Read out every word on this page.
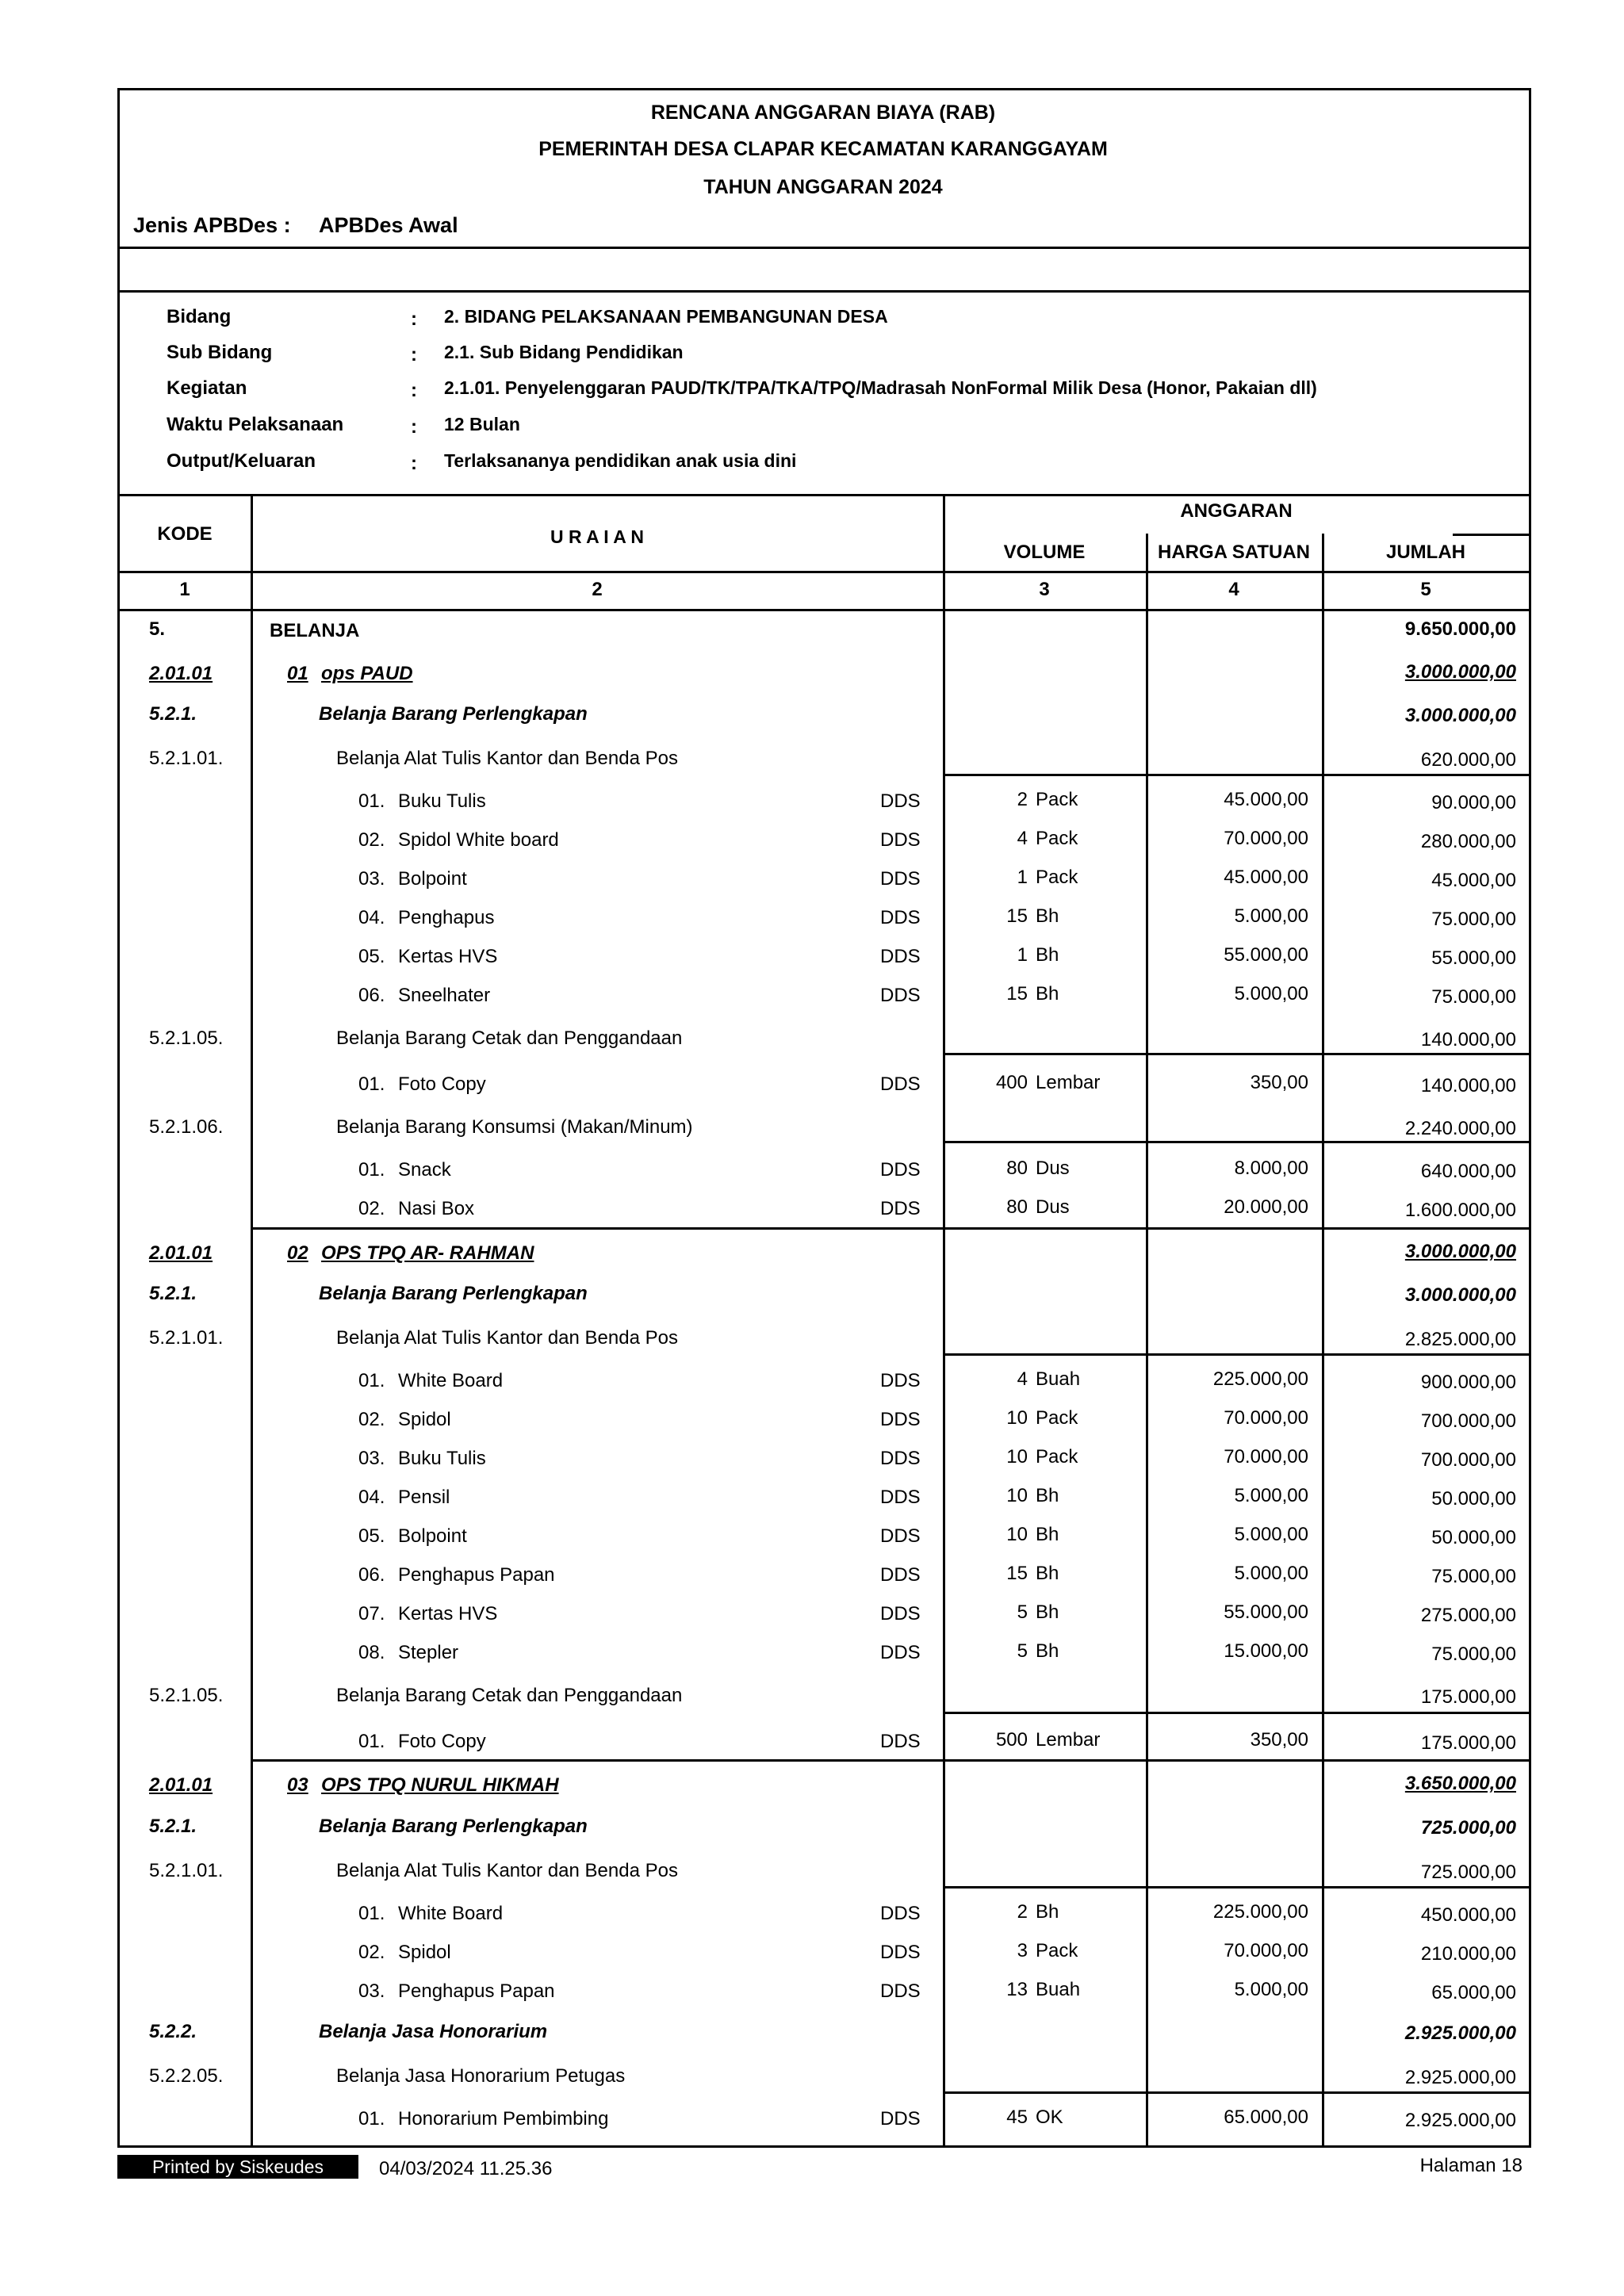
RENCANA ANGGARAN BIAYA (RAB)
PEMERINTAH DESA CLAPAR KECAMATAN KARANGGAYAM
TAHUN ANGGARAN 2024
Jenis APBDes : APBDes Awal
Bidang	: 2. BIDANG PELAKSANAAN PEMBANGUNAN DESA
Sub Bidang	: 2.1. Sub Bidang Pendidikan
Kegiatan	: 2.1.01. Penyelenggaran PAUD/TK/TPA/TKA/TPQ/Madrasah NonFormal Milik Desa (Honor, Pakaian dll)
Waktu Pelaksanaan	: 12 Bulan
Output/Keluaran	: Terlaksananya pendidikan anak usia dini
KODE	U R A I A N
ANGGARAN
VOLUME	HARGA SATUAN	JUMLAH
1	2	3	4	5
5.	BELANJA	9.650.000,00
2.01.01	01 ops PAUD	3.000.000,00
5.2.1.	Belanja Barang Perlengkapan	3.000.000,00
5.2.1.01.	Belanja Alat Tulis Kantor dan Benda Pos	620.000,00
01. Buku Tulis	DDS	2 Pack	45.000,00	90.000,00
02. Spidol White board	DDS	4 Pack	70.000,00	280.000,00
03. Bolpoint	DDS	1 Pack	45.000,00	45.000,00
04. Penghapus	DDS	15 Bh	5.000,00	75.000,00
05. Kertas HVS	DDS	1 Bh	55.000,00	55.000,00
06. Sneelhater	DDS	15 Bh	5.000,00	75.000,00
5.2.1.05.	Belanja Barang Cetak dan Penggandaan	140.000,00
01. Foto Copy	DDS	400 Lembar	350,00	140.000,00
5.2.1.06.	Belanja Barang Konsumsi (Makan/Minum)	2.240.000,00
01. Snack	DDS	80 Dus	8.000,00	640.000,00
02. Nasi Box	DDS	80 Dus	20.000,00	1.600.000,00
2.01.01	02 OPS TPQ AR- RAHMAN	3.000.000,00
5.2.1.	Belanja Barang Perlengkapan	3.000.000,00
5.2.1.01.	Belanja Alat Tulis Kantor dan Benda Pos	2.825.000,00
01. White Board	DDS	4 Buah	225.000,00	900.000,00
02. Spidol	DDS	10 Pack	70.000,00	700.000,00
03. Buku Tulis	DDS	10 Pack	70.000,00	700.000,00
04. Pensil	DDS	10 Bh	5.000,00	50.000,00
05. Bolpoint	DDS	10 Bh	5.000,00	50.000,00
06. Penghapus Papan	DDS	15 Bh	5.000,00	75.000,00
07. Kertas HVS	DDS	5 Bh	55.000,00	275.000,00
08. Stepler	DDS	5 Bh	15.000,00	75.000,00
5.2.1.05.	Belanja Barang Cetak dan Penggandaan	175.000,00
01. Foto Copy	DDS	500 Lembar	350,00	175.000,00
2.01.01	03 OPS TPQ NURUL HIKMAH	3.650.000,00
5.2.1.	Belanja Barang Perlengkapan	725.000,00
5.2.1.01.	Belanja Alat Tulis Kantor dan Benda Pos	725.000,00
01. White Board	DDS	2 Bh	225.000,00	450.000,00
02. Spidol	DDS	3 Pack	70.000,00	210.000,00
03. Penghapus Papan	DDS	13 Buah	5.000,00	65.000,00
5.2.2.	Belanja Jasa Honorarium	2.925.000,00
5.2.2.05.	Belanja Jasa Honorarium Petugas	2.925.000,00
01. Honorarium Pembimbing	DDS	45 OK	65.000,00	2.925.000,00
Printed by Siskeudes	04/03/2024 11.25.36	Halaman 18
